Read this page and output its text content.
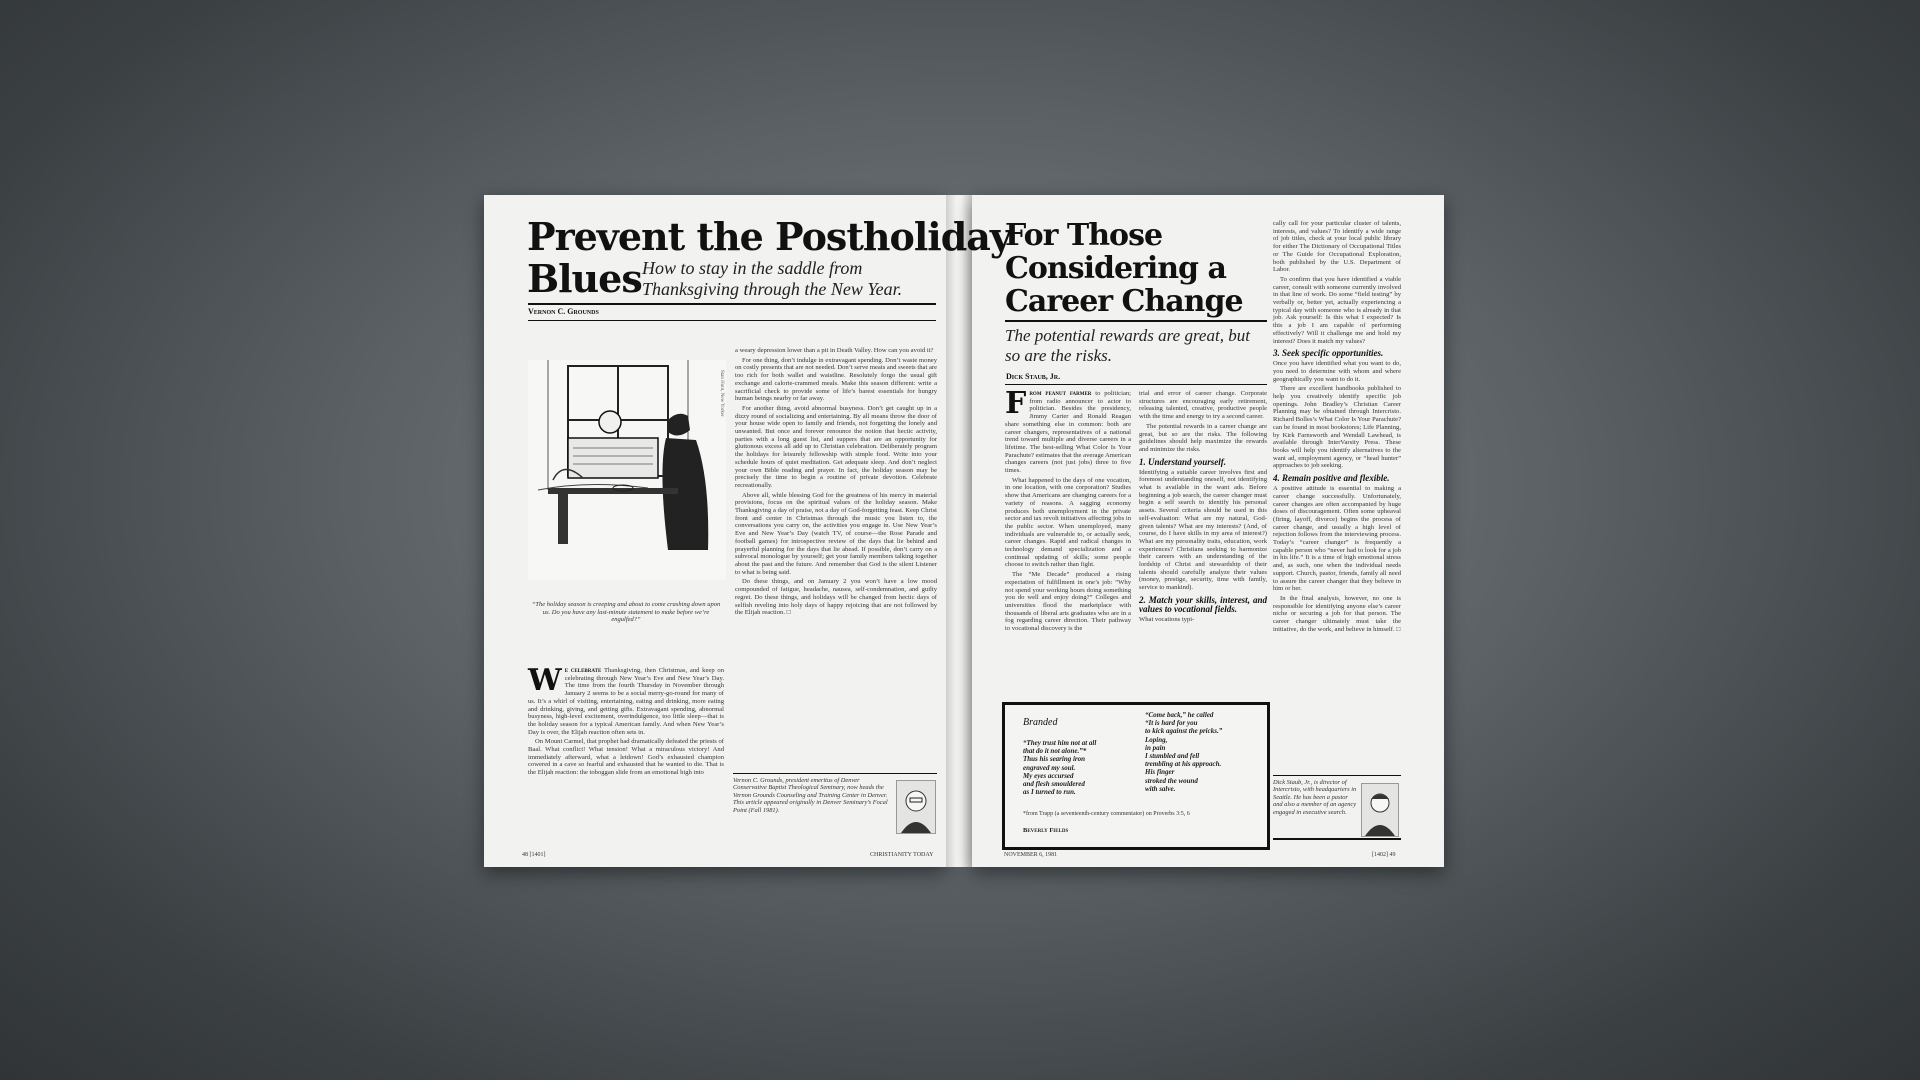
Prevent the Postholiday
Blues How to stay in the saddle from Thanksgiving through the New Year.
Vernon C. Grounds
Stan Hunt, New Yorker
“The holiday season is creeping and about to come crashing down upon us. Do you have any last-minute statement to make before we’re engulfed?”

We celebrate Thanksgiving, then Christmas, and keep on celebrating through New Year’s Eve and New Year’s Day. The time from the fourth Thursday in November through January 2 seems to be a social merry-go-round for many of us. It’s a whirl of visiting, entertaining, eating and drinking, more eating and drinking, giving, and getting gifts. Extravagant spending, abnormal busyness, high-level excitement, overindulgence, too little sleep—that is the holiday season for a typical American family. And when New Year’s Day is over, the Elijah reaction often sets in.

On Mount Carmel, that prophet had dramatically defeated the priests of Baal. What conflict! What tension! What a miraculous victory! And immediately afterward, what a letdown! God’s exhausted champion cowered in a cave so fearful and exhausted that he wanted to die. That is the Elijah reaction: the toboggan slide from an emotional high into

a weary depression lower than a pit in Death Valley. How can you avoid it?

For one thing, don’t indulge in extravagant spending. Don’t waste money on costly presents that are not needed. Don’t serve meats and sweets that are too rich for both wallet and waistline. Resolutely forgo the usual gift exchange and calorie-crammed meals. Make this season different: write a sacrificial check to provide some of life’s barest essentials for hungry human beings nearby or far away.

For another thing, avoid abnormal busyness. Don’t get caught up in a dizzy round of socializing and entertaining. By all means throw the door of your house wide open to family and friends, not forgetting the lonely and unwanted. But once and forever renounce the notion that hectic activity, parties with a long guest list, and suppers that are an opportunity for gluttonous excess all add up to Christian celebration. Deliberately program the holidays for leisurely fellowship with simple food. Write into your schedule hours of quiet meditation. Get adequate sleep. And don’t neglect your own Bible reading and prayer. In fact, the holiday season may be precisely the time to begin a routine of private devotion. Celebrate recreationally.

Above all, while blessing God for the greatness of his mercy in material provisions, focus on the spiritual values of the holiday season. Make Thanksgiving a day of praise, not a day of God-forgetting feast. Keep Christ front and center in Christmas through the music you listen to, the conversations you carry on, the activities you engage in. Use New Year’s Eve and New Year’s Day (watch TV, of course—the Rose Parade and football games) for introspective review of the days that lie behind and prayerful planning for the days that lie ahead. If possible, don’t carry on a subvocal monologue by yourself; get your family members talking together about the past and the future. And remember that God is the silent Listener to what is being said.

Do these things, and on January 2 you won’t have a low mood compounded of fatigue, headache, nausea, self-condemnation, and guilty regret. Do these things, and holidays will be changed from hectic days of selfish reveling into holy days of happy rejoicing that are not followed by the Elijah reaction. □

Vernon C. Grounds, president emeritus of Denver Conservative Baptist Theological Seminary, now heads the Vernon Grounds Counseling and Training Center in Denver. This article appeared originally in Denver Seminary’s Focal Point (Fall 1981).
48 [1401]	CHRISTIANITY TODAY
For Those
Considering a
Career Change
The potential rewards are great, but so are the risks.
Dick Staub, Jr.

From peanut farmer to politician; from radio announcer to actor to politician. Besides the presidency, Jimmy Carter and Ronald Reagan share something else in common: both are career changers, representatives of a national trend toward multiple and diverse careers in a lifetime. The best-selling What Color Is Your Parachute? estimates that the average American changes careers (not just jobs) three to five times.

What happened to the days of one vocation, in one location, with one corporation? Studies show that Americans are changing careers for a variety of reasons. A sagging economy produces both unemployment in the private sector and tax revolt initiatives affecting jobs in the public sector. When unemployed, many individuals are vulnerable to, or actually seek, career changes. Rapid and radical changes in technology demand specialization and a continual updating of skills; some people choose to switch rather than fight.

The “Me Decade” produced a rising expectation of fulfillment in one’s job: “Why not spend your working hours doing something you do well and enjoy doing?” Colleges and universities flood the marketplace with thousands of liberal arts graduates who are in a fog regarding career direction. Their pathway to vocational discovery is the

trial and error of career change. Corporate structures are encouraging early retirement, releasing talented, creative, productive people with the time and energy to try a second career.

The potential rewards in a career change are great, but so are the risks. The following guidelines should help maximize the rewards and minimize the risks.

1. Understand yourself.

Identifying a suitable career involves first and foremost understanding oneself, not identifying what is available in the want ads. Before beginning a job search, the career changer must begin a self search to identify his personal assets. Several criteria should be used in this self-evaluation: What are my natural, God-given talents? What are my interests? (And, of course, do I have skills in my area of interest?) What are my personality traits, education, work experiences? Christians seeking to harmonize their careers with an understanding of the lordship of Christ and stewardship of their talents should carefully analyze their values (money, prestige, security, time with family, service to mankind).

2. Match your skills, interest, and values to vocational fields.

What vocations typi-

cally call for your particular cluster of talents, interests, and values? To identify a wide range of job titles, check at your local public library for either The Dictionary of Occupational Titles or The Guide for Occupational Exploration, both published by the U.S. Department of Labor.

To confirm that you have identified a viable career, consult with someone currently involved in that line of work. Do some “field testing” by verbally or, better yet, actually experiencing a typical day with someone who is already in that job. Ask yourself: Is this what I expected? Is this a job I am capable of performing effectively? Will it challenge me and hold my interest? Does it match my values?

3. Seek specific opportunities.

Once you have identified what you want to do, you need to determine with whom and where geographically you want to do it.

There are excellent handbooks published to help you creatively identify specific job openings. John Bradley’s Christian Career Planning may be obtained through Intercristo. Richard Bolles’s What Color Is Your Parachute? can be found in most bookstores; Life Planning, by Kirk Farnsworth and Wendall Lawhead, is available through InterVarsity Press. These books will help you identify alternatives to the want ad, employment agency, or “head hunter” approaches to job seeking.

4. Remain positive and flexible.

A positive attitude is essential to making a career change successfully. Unfortunately, career changes are often accompanied by huge doses of discouragement. Often some upheaval (firing, layoff, divorce) begins the process of career change, and usually a high level of rejection follows from the interviewing process. Today’s “career changer” is frequently a capable person who “never had to look for a job in his life.” It is a time of high emotional stress and, as such, one when the individual needs support. Church, pastor, friends, family all need to assure the career changer that they believe in him or her.

In the final analysis, however, no one is responsible for identifying anyone else’s career niche or securing a job for that person. The career changer ultimately must take the initiative, do the work, and believe in himself. □

Branded
“They trust him not at all
that do it not alone.”*
Thus his searing iron
engraved my soul.
My eyes accursed
and flesh smouldered
as I turned to run.
“Come back,” he called
“It is hard for you
to kick against the pricks.”
Loping,
in pain
I stumbled and fell
trembling at his approach.
His finger
stroked the wound
with salve.
*from Trapp (a seventeenth-century commentator) on Proverbs 3:5, 6
Beverly Fields
Dick Staub, Jr., is director of Intercristo, with headquarters in Seattle. He has been a pastor and also a member of an agency engaged in executive search.
NOVEMBER 6, 1981	[1402] 49
